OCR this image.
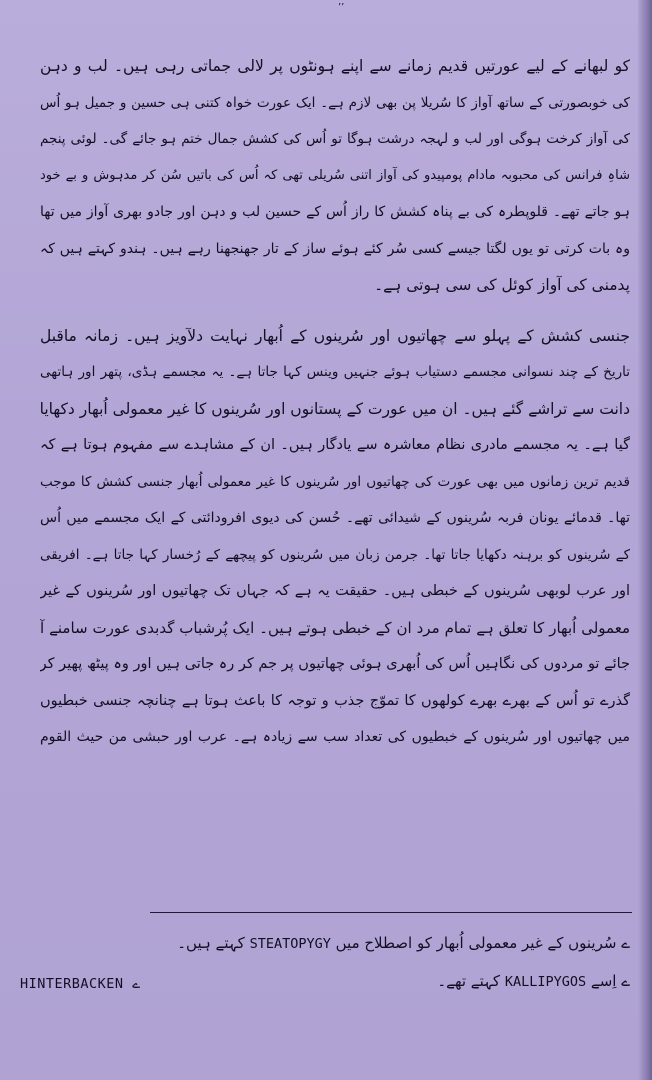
’’
کو لبھانے کے لیے عورتیں قدیم زمانے سے اپنے ہونٹوں پر لالی جماتی رہی ہیں۔ لب و دہن
کی خوبصورتی کے ساتھ آواز کا سُریلا پن بھی لازم ہے۔ ایک عورت خواہ کتنی ہی حسین و جمیل ہو اُس
کی آواز کرخت ہوگی اور لب و لہجہ درشت ہوگا تو اُس کی کشش جمال ختم ہو جائے گی۔ لوئی پنجم
شاہِ فرانس کی محبوبہ مادام پومپیدو کی آواز اتنی سُریلی تھی کہ اُس کی باتیں سُن کر مدہوش و بے خود
ہو جاتے تھے۔ قلوپطرہ کی بے پناہ کشش کا راز اُس کے حسین لب و دہن اور جادو بھری آواز میں تھا
وہ بات کرتی تو یوں لگتا جیسے کسی سُر کئے ہوئے ساز کے تار جھنجھنا رہے ہیں۔ ہندو کہتے ہیں کہ
پدمنی کی آواز کوئل کی سی ہوتی ہے۔
جنسی کشش کے پہلو سے چھاتیوں اور سُرینوں کے اُبھار نہایت دلآویز ہیں۔ زمانہ ماقبل
تاریخ کے چند نسوانی مجسمے دستیاب ہوئے جنہیں وینس کہا جاتا ہے۔ یہ مجسمے ہڈی، پتھر اور ہاتھی
دانت سے تراشے گئے ہیں۔ ان میں عورت کے پستانوں اور سُرینوں کا غیر معمولی اُبھار دکھایا
گیا ہے۔ یہ مجسمے مادری نظام معاشرہ سے یادگار ہیں۔ ان کے مشاہدے سے مفہوم ہوتا ہے کہ
قدیم ترین زمانوں میں بھی عورت کی چھاتیوں اور سُرینوں کا غیر معمولی اُبھار جنسی کشش کا موجب
تھا۔ قدمائے یونان فربہ سُرینوں کے شیدائی تھے۔ حُسن کی دیوی افرودائتی کے ایک مجسمے میں اُس
کے سُرینوں کو برہنہ دکھایا جاتا تھا۔ جرمن زبان میں سُرینوں کو پیچھے کے رُخسار کہا جاتا ہے۔ افریقی
اور عرب لوبھی سُرینوں کے خبطی ہیں۔ حقیقت یہ ہے کہ جہاں تک چھاتیوں اور سُرینوں کے غیر
معمولی اُبھار کا تعلق ہے تمام مرد ان کے خبطی ہوتے ہیں۔ ایک پُرشباب گدبدی عورت سامنے آ
جائے تو مردوں کی نگاہیں اُس کی اُبھری ہوئی چھاتیوں پر جم کر رہ جاتی ہیں اور وہ پیٹھ پھیر کر
گذرے تو اُس کے بھرے بھرے کولھوں کا تموّج جذب و توجہ کا باعث ہوتا ہے چنانچہ جنسی خبطیوں
میں چھاتیوں اور سُرینوں کے خبطیوں کی تعداد سب سے زیادہ ہے۔ عرب اور حبشی من حیث القوم
ے سُرینوں کے غیر معمولی اُبھار کو اصطلاح میں STEATOPYGY کہتے ہیں۔
ے اِسے KALLIPYGOS کہتے تھے۔
HINTERBACKEN ے
